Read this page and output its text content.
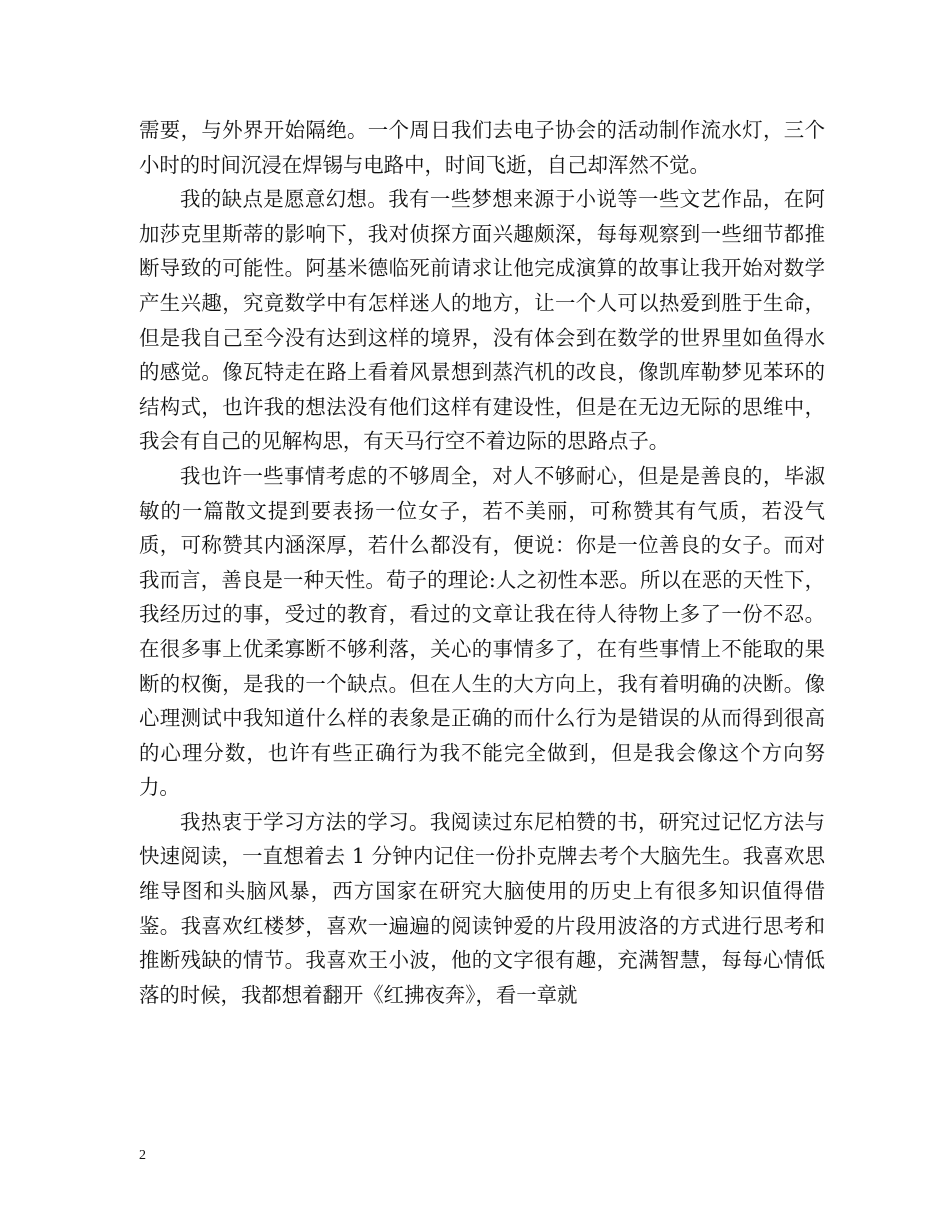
需要，与外界开始隔绝。一个周日我们去电子协会的活动制作流水灯，三个小时的时间沉浸在焊锡与电路中，时间飞逝，自己却浑然不觉。

我的缺点是愿意幻想。我有一些梦想来源于小说等一些文艺作品，在阿加莎克里斯蒂的影响下，我对侦探方面兴趣颇深，每每观察到一些细节都推断导致的可能性。阿基米德临死前请求让他完成演算的故事让我开始对数学产生兴趣，究竟数学中有怎样迷人的地方，让一个人可以热爱到胜于生命，但是我自己至今没有达到这样的境界，没有体会到在数学的世界里如鱼得水的感觉。像瓦特走在路上看着风景想到蒸汽机的改良，像凯库勒梦见苯环的结构式，也许我的想法没有他们这样有建设性，但是在无边无际的思维中，我会有自己的见解构思，有天马行空不着边际的思路点子。

我也许一些事情考虑的不够周全，对人不够耐心，但是是善良的，毕淑敏的一篇散文提到要表扬一位女子，若不美丽，可称赞其有气质，若没气质，可称赞其内涵深厚，若什么都没有，便说：你是一位善良的女子。而对我而言，善良是一种天性。荀子的理论:人之初性本恶。所以在恶的天性下，我经历过的事，受过的教育，看过的文章让我在待人待物上多了一份不忍。在很多事上优柔寡断不够利落，关心的事情多了，在有些事情上不能取的果断的权衡，是我的一个缺点。但在人生的大方向上，我有着明确的决断。像心理测试中我知道什么样的表象是正确的而什么行为是错误的从而得到很高的心理分数，也许有些正确行为我不能完全做到，但是我会像这个方向努力。

我热衷于学习方法的学习。我阅读过东尼柏赞的书，研究过记忆方法与快速阅读，一直想着去 1 分钟内记住一份扑克牌去考个大脑先生。我喜欢思维导图和头脑风暴，西方国家在研究大脑使用的历史上有很多知识值得借鉴。我喜欢红楼梦，喜欢一遍遍的阅读钟爱的片段用波洛的方式进行思考和推断残缺的情节。我喜欢王小波，他的文字很有趣，充满智慧，每每心情低落的时候，我都想着翻开《红拂夜奔》，看一章就

2
